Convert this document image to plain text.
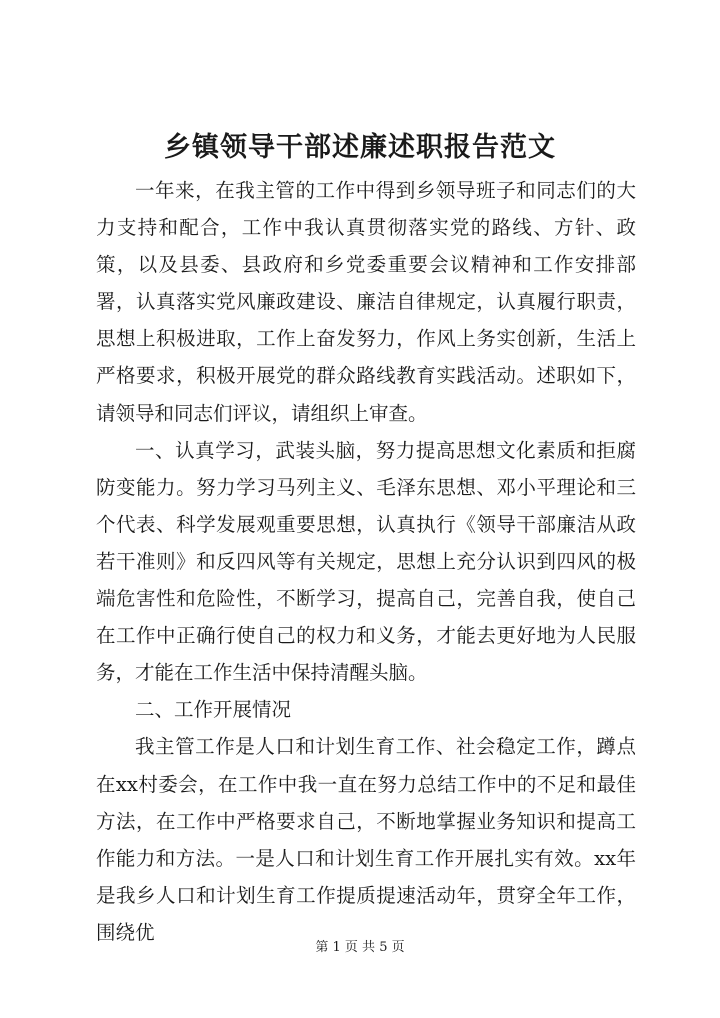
乡镇领导干部述廉述职报告范文

一年来，在我主管的工作中得到乡领导班子和同志们的大力支持和配合，工作中我认真贯彻落实党的路线、方针、政策，以及县委、县政府和乡党委重要会议精神和工作安排部署，认真落实党风廉政建设、廉洁自律规定，认真履行职责，思想上积极进取，工作上奋发努力，作风上务实创新，生活上严格要求，积极开展党的群众路线教育实践活动。述职如下，请领导和同志们评议，请组织上审查。

一、认真学习，武装头脑，努力提高思想文化素质和拒腐防变能力。努力学习马列主义、毛泽东思想、邓小平理论和三个代表、科学发展观重要思想，认真执行《领导干部廉洁从政若干准则》和反四风等有关规定，思想上充分认识到四风的极端危害性和危险性，不断学习，提高自己，完善自我，使自己在工作中正确行使自己的权力和义务，才能去更好地为人民服务，才能在工作生活中保持清醒头脑。

二、工作开展情况

我主管工作是人口和计划生育工作、社会稳定工作，蹲点在xx村委会，在工作中我一直在努力总结工作中的不足和最佳方法，在工作中严格要求自己，不断地掌握业务知识和提高工作能力和方法。一是人口和计划生育工作开展扎实有效。xx年是我乡人口和计划生育工作提质提速活动年，贯穿全年工作，围绕优

第 1 页 共 5 页
